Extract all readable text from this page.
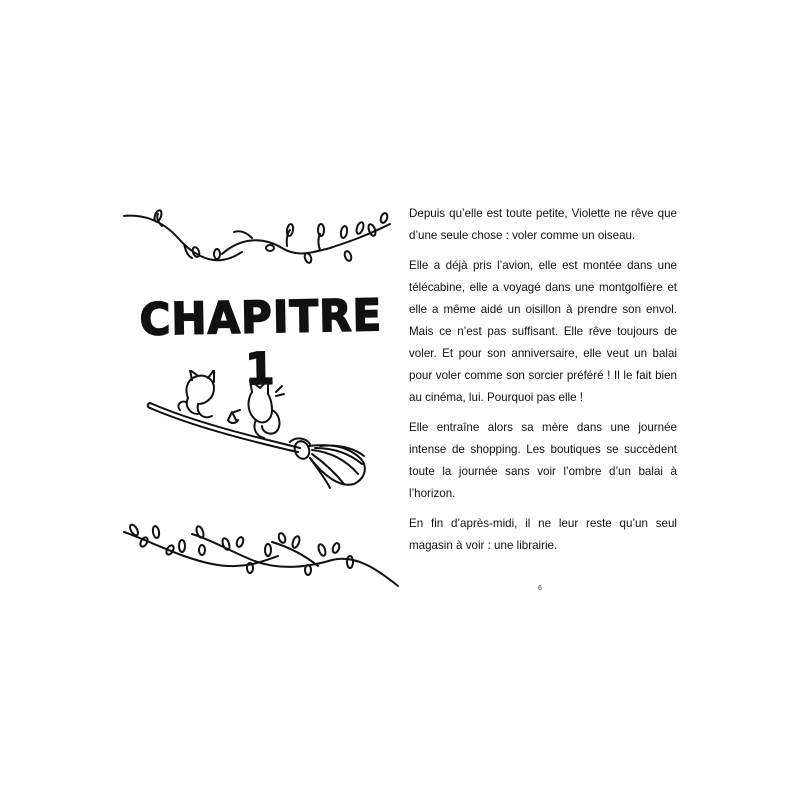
CHAPITRE 1

Depuis qu’elle est toute petite, Violette ne rêve que d’une seule chose : voler comme un oiseau.

Elle a déjà pris l’avion, elle est montée dans une télécabine, elle a voyagé dans une montgolfière et elle a même aidé un oisillon à prendre son envol. Mais ce n’est pas suffisant. Elle rêve toujours de voler. Et pour son anniversaire, elle veut un balai pour voler comme son sorcier préféré ! Il le fait bien au cinéma, lui. Pourquoi pas elle !

Elle entraîne alors sa mère dans une journée intense de shopping. Les boutiques se succèdent toute la journée sans voir l’ombre d’un balai à l’horizon.

En fin d’après-midi, il ne leur reste qu’un seul magasin à voir : une librairie.

6
